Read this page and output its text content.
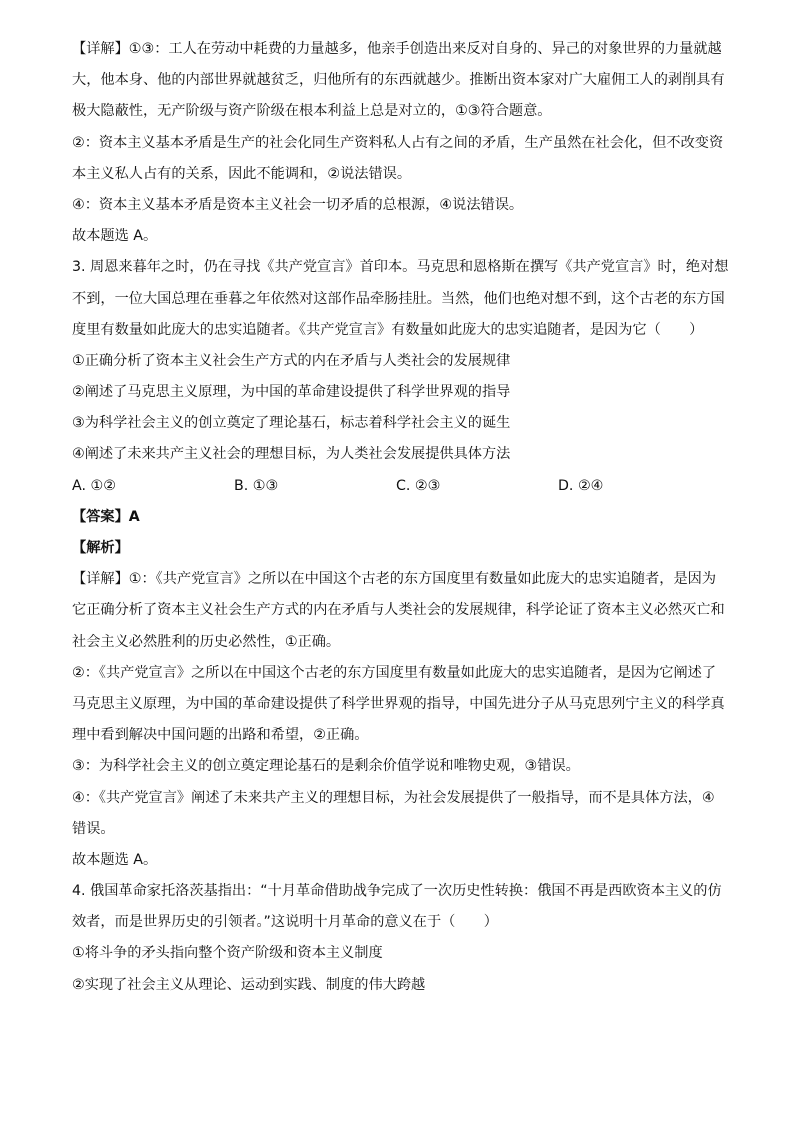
【详解】①③：工人在劳动中耗费的力量越多，他亲手创造出来反对自身的、异己的对象世界的力量就越
大，他本身、他的内部世界就越贫乏，归他所有的东西就越少。推断出资本家对广大雇佣工人的剥削具有
极大隐蔽性，无产阶级与资产阶级在根本利益上总是对立的，①③符合题意。
②：资本主义基本矛盾是生产的社会化同生产资料私人占有之间的矛盾，生产虽然在社会化，但不改变资
本主义私人占有的关系，因此不能调和，②说法错误。
④：资本主义基本矛盾是资本主义社会一切矛盾的总根源，④说法错误。
故本题选 A。
3. 周恩来暮年之时，仍在寻找《共产党宣言》首印本。马克思和恩格斯在撰写《共产党宣言》时，绝对想
不到，一位大国总理在垂暮之年依然对这部作品牵肠挂肚。当然，他们也绝对想不到，这个古老的东方国
度里有数量如此庞大的忠实追随者。《共产党宣言》有数量如此庞大的忠实追随者，是因为它（　　）
①正确分析了资本主义社会生产方式的内在矛盾与人类社会的发展规律
②阐述了马克思主义原理，为中国的革命建设提供了科学世界观的指导
③为科学社会主义的创立奠定了理论基石，标志着科学社会主义的诞生
④阐述了未来共产主义社会的理想目标，为人类社会发展提供具体方法
A. ①②	B. ①③	C. ②③	D. ②④
【答案】A
【解析】
【详解】①：《共产党宣言》之所以在中国这个古老的东方国度里有数量如此庞大的忠实追随者，是因为
它正确分析了资本主义社会生产方式的内在矛盾与人类社会的发展规律，科学论证了资本主义必然灭亡和
社会主义必然胜利的历史必然性，①正确。
②：《共产党宣言》之所以在中国这个古老的东方国度里有数量如此庞大的忠实追随者，是因为它阐述了
马克思主义原理，为中国的革命建设提供了科学世界观的指导，中国先进分子从马克思列宁主义的科学真
理中看到解决中国问题的出路和希望，②正确。
③：为科学社会主义的创立奠定理论基石的是剩余价值学说和唯物史观，③错误。
④：《共产党宣言》阐述了未来共产主义的理想目标，为社会发展提供了一般指导，而不是具体方法，④
错误。
故本题选 A。
4. 俄国革命家托洛茨基指出：“十月革命借助战争完成了一次历史性转换：俄国不再是西欧资本主义的仿
效者，而是世界历史的引领者。”这说明十月革命的意义在于（　　）
①将斗争的矛头指向整个资产阶级和资本主义制度
②实现了社会主义从理论、运动到实践、制度的伟大跨越
